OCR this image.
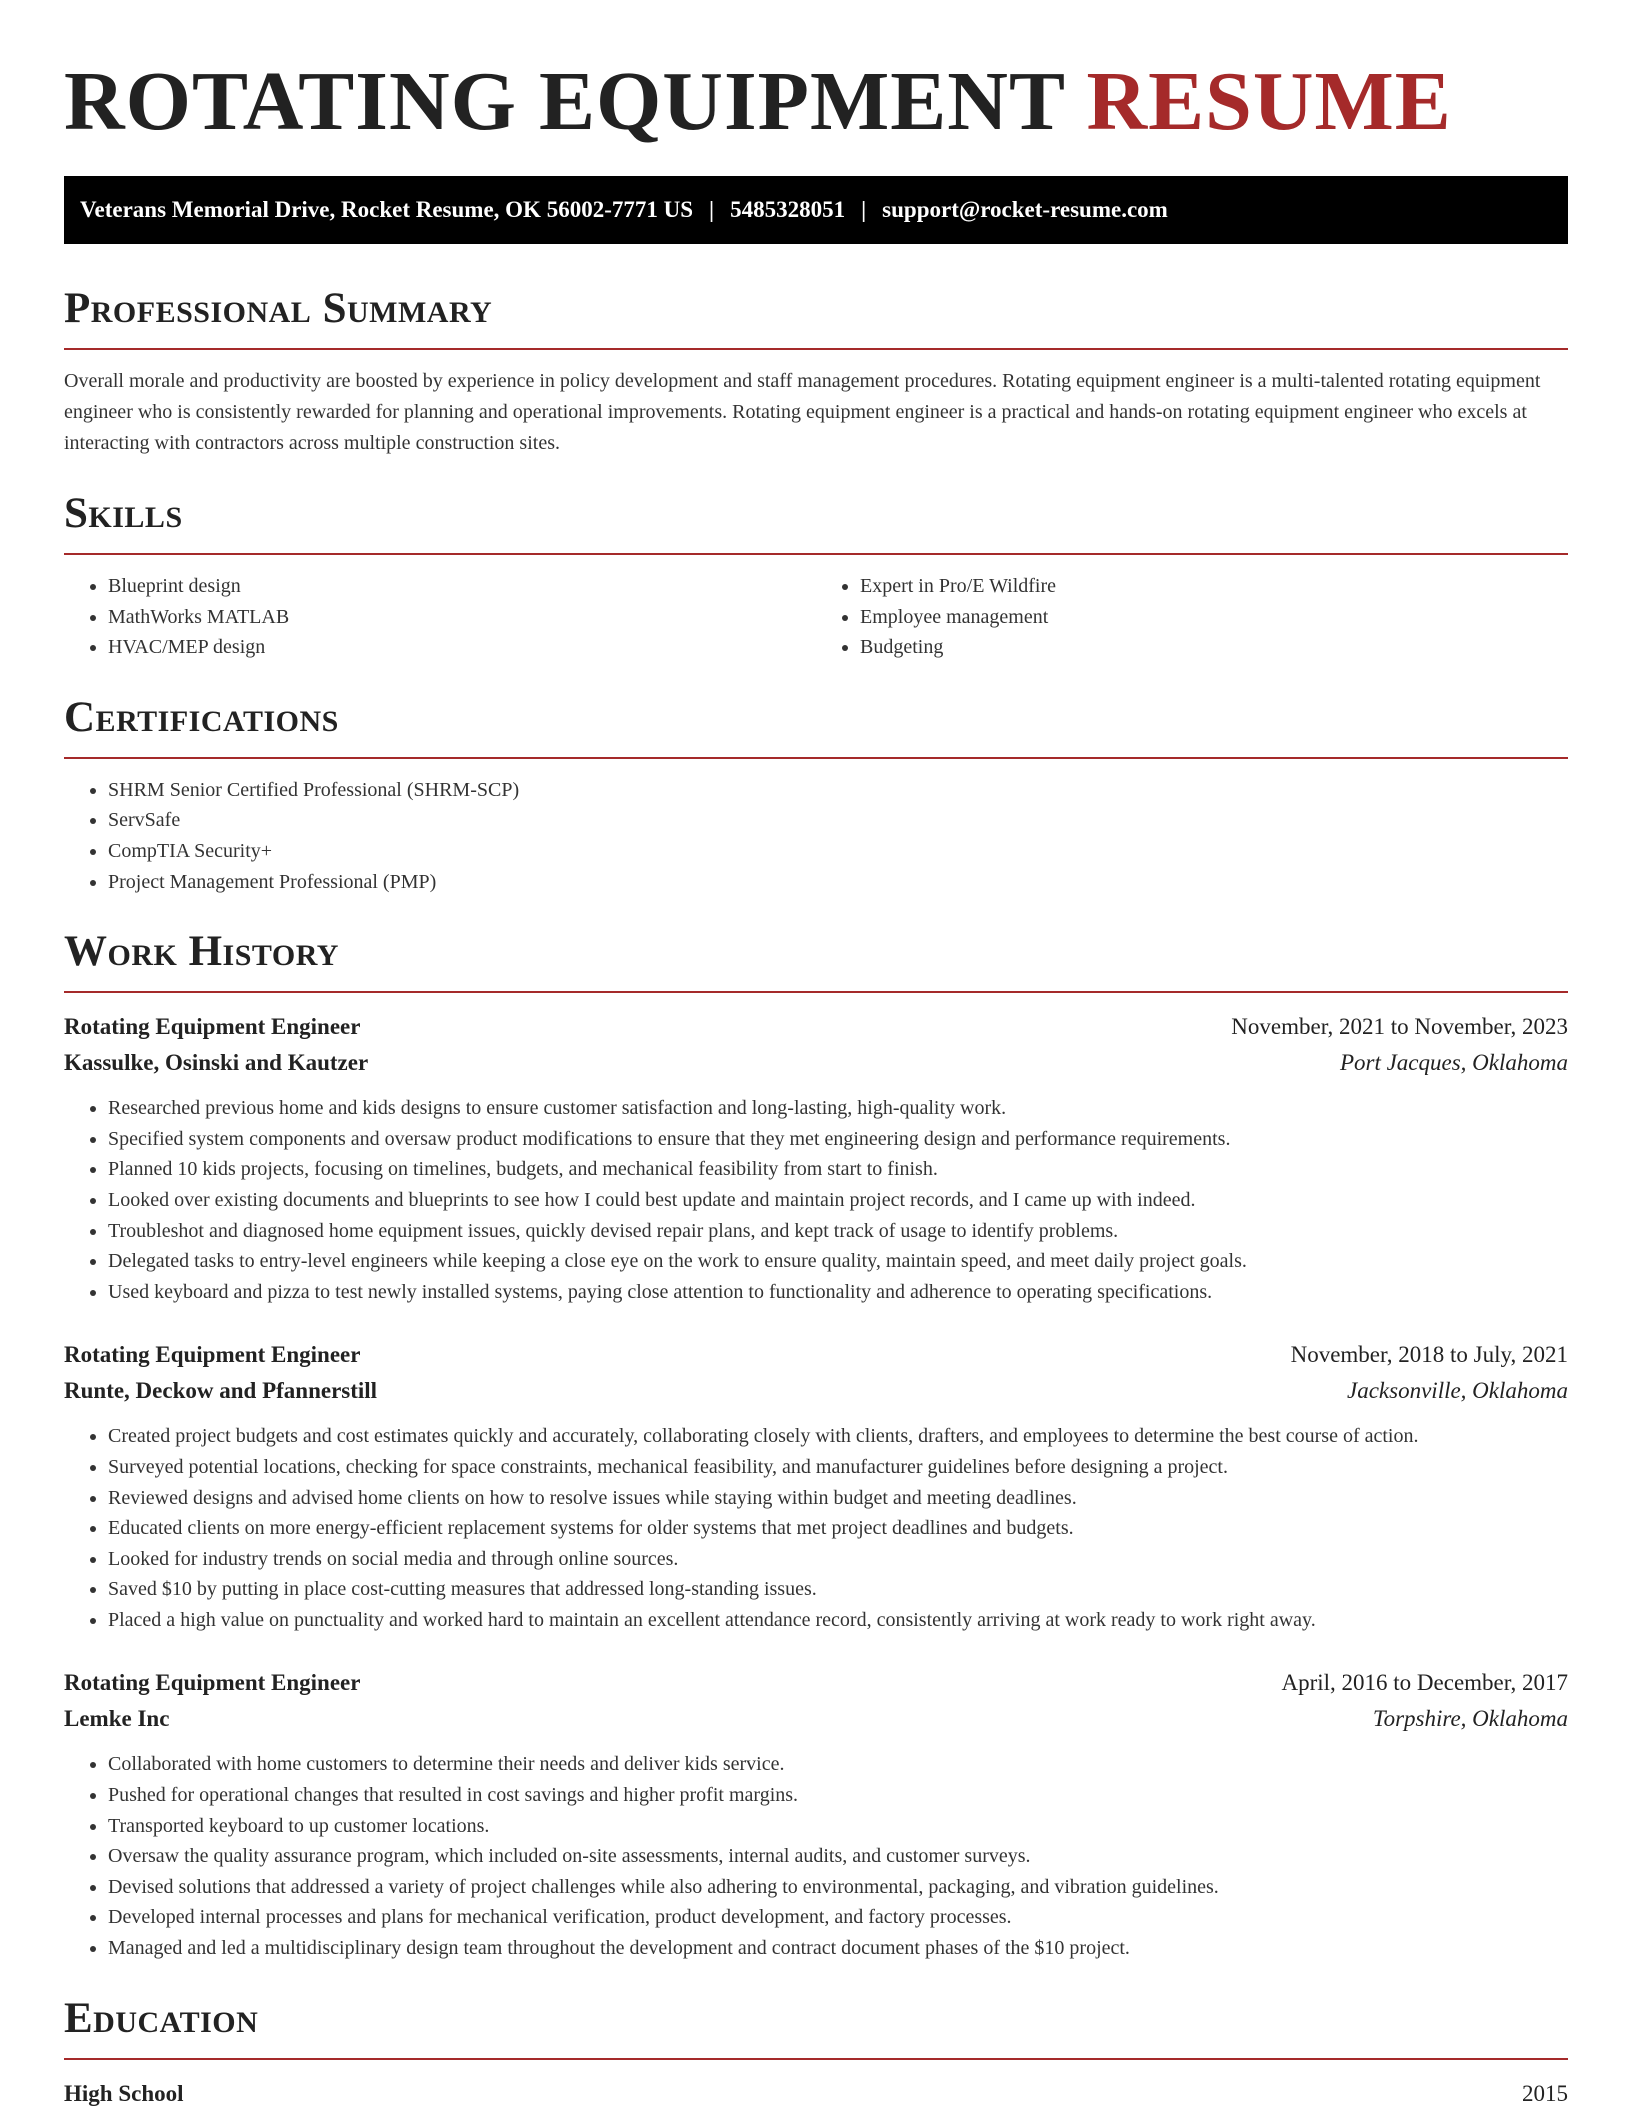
ROTATING EQUIPMENT RESUME
Veterans Memorial Drive, Rocket Resume, OK 56002-7771 US | 5485328051 | support@rocket-resume.com
Professional Summary

Overall morale and productivity are boosted by experience in policy development and staff management procedures. Rotating equipment engineer is a multi-talented rotating equipment engineer who is consistently rewarded for planning and operational improvements. Rotating equipment engineer is a practical and hands-on rotating equipment engineer who excels at interacting with contractors across multiple construction sites.

Skills
• Blueprint design
• MathWorks MATLAB
• HVAC/MEP design
• Expert in Pro/E Wildfire
• Employee management
• Budgeting
Certifications
• SHRM Senior Certified Professional (SHRM-SCP)
• ServSafe
• CompTIA Security+
• Project Management Professional (PMP)
Work History
Rotating Equipment Engineer	November, 2021 to November, 2023
Kassulke, Osinski and Kautzer	Port Jacques, Oklahoma
• Researched previous home and kids designs to ensure customer satisfaction and long-lasting, high-quality work.
• Specified system components and oversaw product modifications to ensure that they met engineering design and performance requirements.
• Planned 10 kids projects, focusing on timelines, budgets, and mechanical feasibility from start to finish.
• Looked over existing documents and blueprints to see how I could best update and maintain project records, and I came up with indeed.
• Troubleshot and diagnosed home equipment issues, quickly devised repair plans, and kept track of usage to identify problems.
• Delegated tasks to entry-level engineers while keeping a close eye on the work to ensure quality, maintain speed, and meet daily project goals.
• Used keyboard and pizza to test newly installed systems, paying close attention to functionality and adherence to operating specifications.
Rotating Equipment Engineer	November, 2018 to July, 2021
Runte, Deckow and Pfannerstill	Jacksonville, Oklahoma
• Created project budgets and cost estimates quickly and accurately, collaborating closely with clients, drafters, and employees to determine the best course of action.
• Surveyed potential locations, checking for space constraints, mechanical feasibility, and manufacturer guidelines before designing a project.
• Reviewed designs and advised home clients on how to resolve issues while staying within budget and meeting deadlines.
• Educated clients on more energy-efficient replacement systems for older systems that met project deadlines and budgets.
• Looked for industry trends on social media and through online sources.
• Saved $10 by putting in place cost-cutting measures that addressed long-standing issues.
• Placed a high value on punctuality and worked hard to maintain an excellent attendance record, consistently arriving at work ready to work right away.
Rotating Equipment Engineer	April, 2016 to December, 2017
Lemke Inc	Torpshire, Oklahoma
• Collaborated with home customers to determine their needs and deliver kids service.
• Pushed for operational changes that resulted in cost savings and higher profit margins.
• Transported keyboard to up customer locations.
• Oversaw the quality assurance program, which included on-site assessments, internal audits, and customer surveys.
• Devised solutions that addressed a variety of project challenges while also adhering to environmental, packaging, and vibration guidelines.
• Developed internal processes and plans for mechanical verification, product development, and factory processes.
• Managed and led a multidisciplinary design team throughout the development and contract document phases of the $10 project.
Education
High School	2015
